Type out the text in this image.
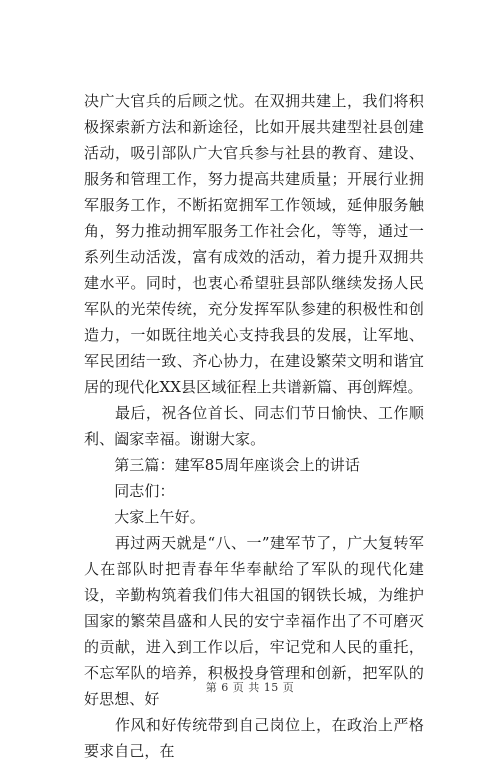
决广大官兵的后顾之忧。在双拥共建上，我们将积极探索新方法和新途径，比如开展共建型社县创建活动，吸引部队广大官兵参与社县的教育、建设、服务和管理工作，努力提高共建质量；开展行业拥军服务工作，不断拓宽拥军工作领域，延伸服务触角，努力推动拥军服务工作社会化，等等，通过一系列生动活泼，富有成效的活动，着力提升双拥共建水平。同时，也衷心希望驻县部队继续发扬人民军队的光荣传统，充分发挥军队参建的积极性和创造力，一如既往地关心支持我县的发展，让军地、军民团结一致、齐心协力，在建设繁荣文明和谐宜居的现代化XX县区域征程上共谱新篇、再创辉煌。

　　最后，祝各位首长、同志们节日愉快、工作顺利、阖家幸福。谢谢大家。

　　第三篇：建军85周年座谈会上的讲话

　　同志们：

　　大家上午好。

　　再过两天就是“八、一”建军节了，广大复转军人在部队时把青春年华奉献给了军队的现代化建设，辛勤构筑着我们伟大祖国的钢铁长城，为维护国家的繁荣昌盛和人民的安宁幸福作出了不可磨灭的贡献，进入到工作以后，牢记党和人民的重托，不忘军队的培养，积极投身管理和创新，把军队的好思想、好

　　作风和好传统带到自己岗位上，在政治上严格要求自己，在

第 6 页 共 15 页
